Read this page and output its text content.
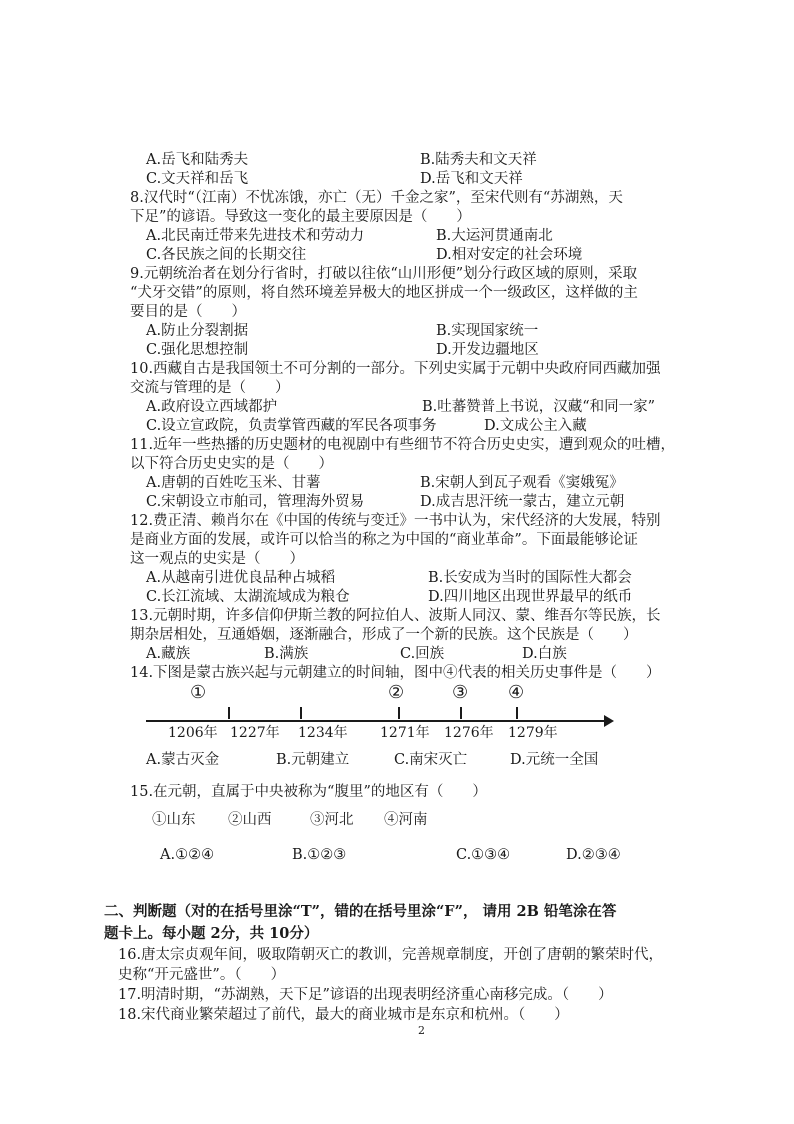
A.岳飞和陆秀夫	B.陆秀夫和文天祥
C.文天祥和岳飞	D.岳飞和文天祥
8.汉代时“（江南）不忧冻饿，亦亡（无）千金之家”，至宋代则有“苏湖熟，天
下足”的谚语。导致这一变化的最主要原因是（　　）
A.北民南迁带来先进技术和劳动力	B.大运河贯通南北
C.各民族之间的长期交往	D.相对安定的社会环境
9.元朝统治者在划分行省时，打破以往依“山川形便”划分行政区域的原则，采取
“犬牙交错”的原则，将自然环境差异极大的地区拼成一个一级政区，这样做的主
要目的是（　　）
A.防止分裂割据	B.实现国家统一
C.强化思想控制	D.开发边疆地区
10.西藏自古是我国领土不可分割的一部分。下列史实属于元朝中央政府同西藏加强
交流与管理的是（　　）
A.政府设立西域都护	B.吐蕃赞普上书说，汉藏“和同一家”
C.设立宣政院，负责掌管西藏的军民各项事务	D.文成公主入藏
11.近年一些热播的历史题材的电视剧中有些细节不符合历史史实，遭到观众的吐槽，
以下符合历史史实的是（　　）
A.唐朝的百姓吃玉米、甘薯	B.宋朝人到瓦子观看《窦娥冤》
C.宋朝设立市舶司，管理海外贸易	D.成吉思汗统一蒙古，建立元朝
12.费正清、赖肖尔在《中国的传统与变迁》一书中认为，宋代经济的大发展，特别
是商业方面的发展，或许可以恰当的称之为中国的“商业革命”。下面最能够论证
这一观点的史实是（　　）
A.从越南引进优良品种占城稻	B.长安成为当时的国际性大都会
C.长江流域、太湖流域成为粮仓	D.四川地区出现世界最早的纸币
13.元朝时期，许多信仰伊斯兰教的阿拉伯人、波斯人同汉、蒙、维吾尔等民族，长
期杂居相处，互通婚姻，逐渐融合，形成了一个新的民族。这个民族是（　　）
A.藏族	B.满族	C.回族	D.白族
14.下图是蒙古族兴起与元朝建立的时间轴，图中④代表的相关历史事件是（　　）
①	②	③ ④
1206年 1227年 1234年 1271年 1276年 1279年
A.蒙古灭金	B.元朝建立	C.南宋灭亡	D.元统一全国
15.在元朝，直属于中央被称为“腹里”的地区有（　　）
①山东 ②山西	③河北 ④河南
A.①②④	B.①②③	C.①③④	D.②③④
二、判断题（对的在括号里涂“T”，错的在括号里涂“F”， 请用 2B 铅笔涂在答
题卡上。每小题 2分，共 10分）
16.唐太宗贞观年间，吸取隋朝灭亡的教训，完善规章制度，开创了唐朝的繁荣时代，
史称“开元盛世”。（　　）
17.明清时期，“苏湖熟，天下足”谚语的出现表明经济重心南移完成。（　　）
18.宋代商业繁荣超过了前代，最大的商业城市是东京和杭州。（　　）
2
